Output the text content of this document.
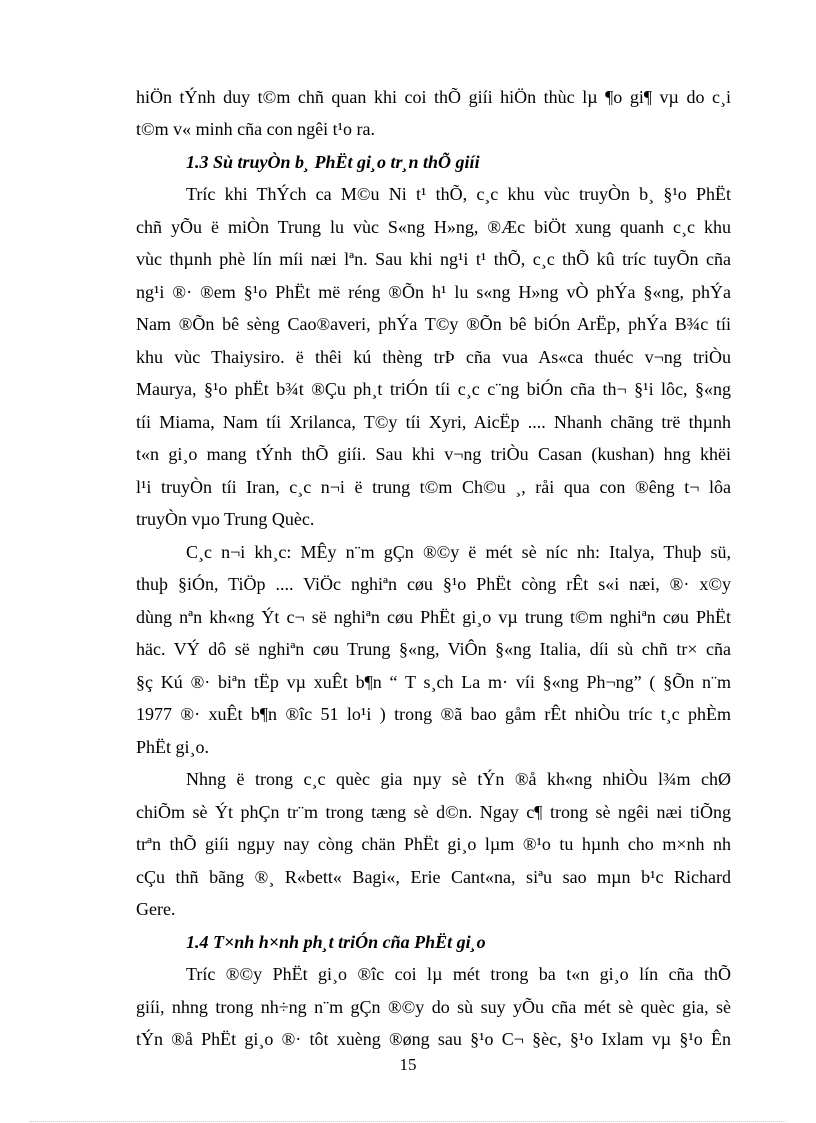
hiÖn tÝnh duy t©m chñ quan khi coi thÕ giíi hiÖn thùc lµ ¶o gi¶ vµ do c¸i
t©m v« minh cña con ngêi t¹o ra.
1.3 Sù truyÒn b¸ PhËt gi¸o tr¸n thÕ giíi
Tríc khi ThÝch ca M©u Ni t¹ thÕ, c¸c khu vùc truyÒn b¸ §¹o PhËt
chñ yÕu ë miÒn Trung lu vùc S«ng H»ng, ®Æc biÖt xung quanh c¸c khu
vùc thµnh phè lín míi næi lªn. Sau khi ng¹i t¹ thÕ, c¸c thÕ kû tríc tuyÕn cña
ng¹i ®· ®em §¹o PhËt më réng ®Õn h¹ lu s«ng H»ng vÒ phÝa §«ng, phÝa
Nam ®Õn bê sèng Cao®averi, phÝa T©y ®Õn bê biÓn ArËp, phÝa B¾c tíi
khu vùc Thaiysiro. ë thêi kú thèng trÞ cña vua As«ca thuéc v¬ng triÒu
Maurya, §¹o phËt b¾t ®Çu ph¸t triÓn tíi c¸c c¨ng biÓn cña th¬ §¹i lôc, §«ng
tíi Miama, Nam tíi Xrilanca, T©y tíi Xyri, AicËp .... Nhanh chãng trë thµnh
t«n gi¸o mang tÝnh thÕ giíi. Sau khi v¬ng triÒu Casan (kushan) hng khëi
l¹i truyÒn tíi Iran, c¸c n¬i ë trung t©m Ch©u ¸, råi qua con ®êng t¬ lôa
truyÒn vµo Trung Quèc.
C¸c n¬i kh¸c: MÊy n¨m gÇn ®©y ë mét sè níc nh: Italya, Thuþ sü,
thuþ §iÓn, TiÖp .... ViÖc nghiªn cøu §¹o PhËt còng rÊt s«i næi, ®· x©y
dùng nªn kh«ng Ýt c¬ së nghiªn cøu PhËt gi¸o vµ trung t©m nghiªn cøu PhËt
häc. VÝ dô së nghiªn cøu Trung §«ng, ViÔn §«ng Italia, díi sù chñ tr× cña
§ç Kú ®· biªn tËp vµ xuÊt b¶n “ T s¸ch La m· víi §«ng Ph¬ng” ( §Õn n¨m
1977 ®· xuÊt b¶n ®îc 51 lo¹i ) trong ®ã bao gåm rÊt nhiÒu tríc t¸c phÈm
PhËt gi¸o.
Nhng ë trong c¸c quèc gia nµy sè tÝn ®å kh«ng nhiÒu l¾m chØ
chiÕm sè Ýt phÇn tr¨m trong tæng sè d©n. Ngay c¶ trong sè ngêi næi tiÕng
trªn thÕ giíi ngµy nay còng chän PhËt gi¸o lµm ®¹o tu hµnh cho m×nh nh
cÇu thñ bãng ®¸ R«bett« Bagi«, Erie Cant«na, siªu sao mµn b¹c Richard
Gere.
1.4 T×nh h×nh ph¸t triÓn cña PhËt gi¸o
Tríc ®©y PhËt gi¸o ®îc coi lµ mét trong ba t«n gi¸o lín cña thÕ
giíi, nhng trong nh÷ng n¨m gÇn ®©y do sù suy yÕu cña mét sè quèc gia, sè
tÝn ®å PhËt gi¸o ®· tôt xuèng ®øng sau §¹o C¬ §èc, §¹o Ixlam vµ §¹o Ên
15
